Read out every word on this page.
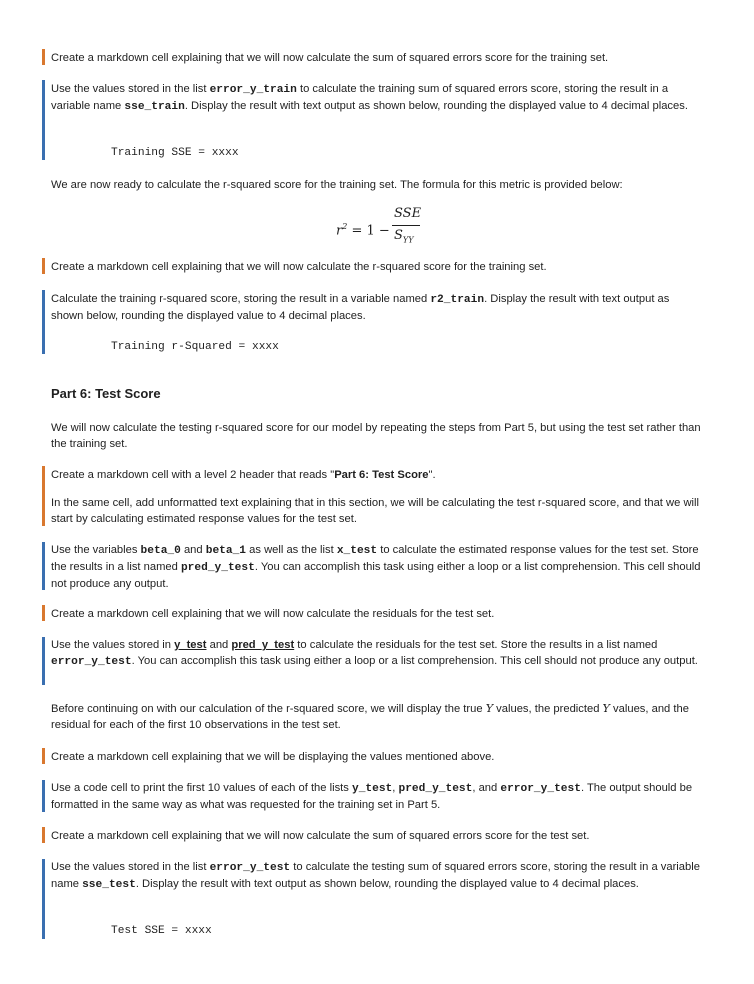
Create a markdown cell explaining that we will now calculate the sum of squared errors score for the training set.

Use the values stored in the list error_y_train to calculate the training sum of squared errors score, storing the result in a variable name sse_train. Display the result with text output as shown below, rounding the displayed value to 4 decimal places.

Training SSE = xxxx

We are now ready to calculate the r-squared score for the training set. The formula for this metric is provided below:

$r^2 = 1$ −
SSE
$S_{YY}$

Create a markdown cell explaining that we will now calculate the r-squared score for the training set.

Calculate the training r-squared score, storing the result in a variable named r2_train. Display the result with text output as shown below, rounding the displayed value to 4 decimal places.

Training r-Squared = xxxx
Part 6: Test Score

We will now calculate the testing r-squared score for our model by repeating the steps from Part 5, but using the test set rather than the training set.

Create a markdown cell with a level 2 header that reads "Part 6: Test Score".

In the same cell, add unformatted text explaining that in this section, we will be calculating the test r-squared score, and that we will start by calculating estimated response values for the test set.

Use the variables beta_0 and beta_1 as well as the list x_test to calculate the estimated response values for the test set. Store the results in a list named pred_y_test. You can accomplish this task using either a loop or a list comprehension. This cell should not produce any output.

Create a markdown cell explaining that we will now calculate the residuals for the test set.

Use the values stored in y_test and pred_y_test to calculate the residuals for the test set. Store the results in a list named error_y_test. You can accomplish this task using either a loop or a list comprehension. This cell should not produce any output.

Before continuing on with our calculation of the r-squared score, we will display the true Y values, the predicted Y values, and the residual for each of the first 10 observations in the test set.

Create a markdown cell explaining that we will be displaying the values mentioned above.

Use a code cell to print the first 10 values of each of the lists y_test, pred_y_test, and error_y_test. The output should be formatted in the same way as what was requested for the training set in Part 5.

Create a markdown cell explaining that we will now calculate the sum of squared errors score for the test set.

Use the values stored in the list error_y_test to calculate the testing sum of squared errors score, storing the result in a variable name sse_test. Display the result with text output as shown below, rounding the displayed value to 4 decimal places.

Test SSE = xxxx
